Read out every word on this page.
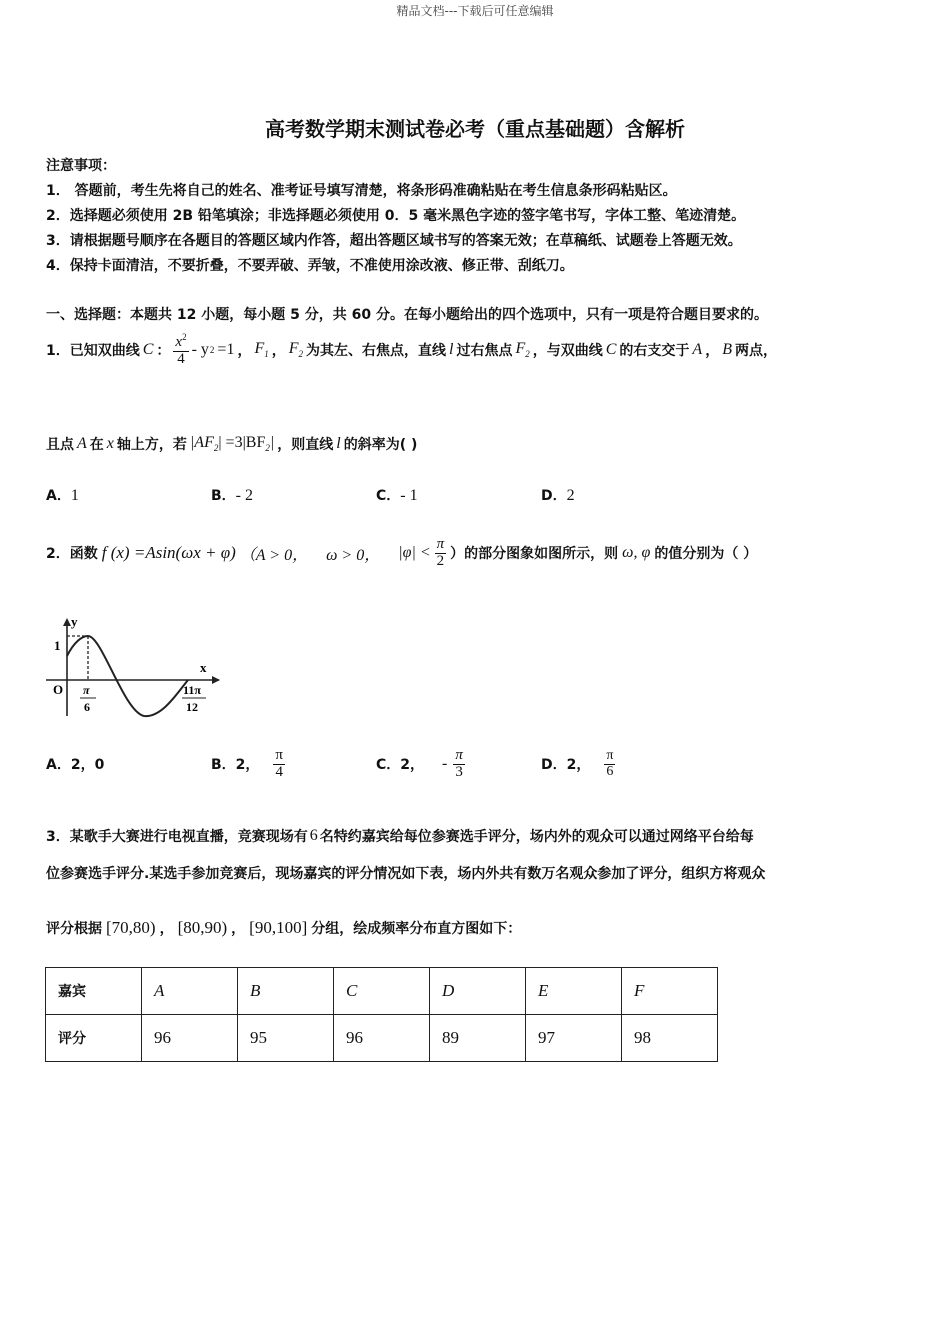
精品文档---下载后可任意编辑
高考数学期末测试卷必考（重点基础题）含解析
注意事项：
1． 答题前，考生先将自己的姓名、准考证号填写清楚，将条形码准确粘贴在考生信息条形码粘贴区。
2．选择题必须使用 2B 铅笔填涂；非选择题必须使用 0．5 毫米黑色字迹的签字笔书写，字体工整、笔迹清楚。
3．请根据题号顺序在各题目的答题区域内作答，超出答题区域书写的答案无效；在草稿纸、试题卷上答题无效。
4．保持卡面清洁，不要折叠，不要弄破、弄皱，不准使用涂改液、修正带、刮纸刀。
一、选择题：本题共 12 小题，每小题 5 分，共 60 分。在每小题给出的四个选项中，只有一项是符合题目要求的。
1．已知双曲线 C ： $\frac{x^2}{4}$ - y 2 =1 ， $F_1$ ， $F_2$ 为其左、右焦点，直线 l 过右焦点 $F_2$ ，与双曲线 C 的右支交于 A ， B 两点，
且点 A 在 x 轴上方，若 $|AF_2| =3|BF_2|$ ，则直线 l 的斜率为( )
A．1	B．- 2	C．- 1	D．2
2．函数 f (x) =Asin(ωx + φ) （A > 0， ω > 0， $|\varphi| < \frac{\pi}{2}$ ）的部分图象如图所示，则 ω, φ 的值分别为（ ）
y
x
1
O π
6
11π
12
A．2，0	B．2， $\frac{\pi}{4}$	C．2， - $\frac{\pi}{3}$	D．2， $\frac{\pi}{6}$
3．某歌手大赛进行电视直播，竞赛现场有 6 名特约嘉宾给每位参赛选手评分，场内外的观众可以通过网络平台给每
位参赛选手评分.某选手参加竞赛后，现场嘉宾的评分情况如下表，场内外共有数万名观众参加了评分，组织方将观众
评分根据 [70,80) ， [80,90) ， [90,100] 分组，绘成频率分布直方图如下：
嘉宾	A	B	C	D	E	F
评分	96	95	96	89	97	98
